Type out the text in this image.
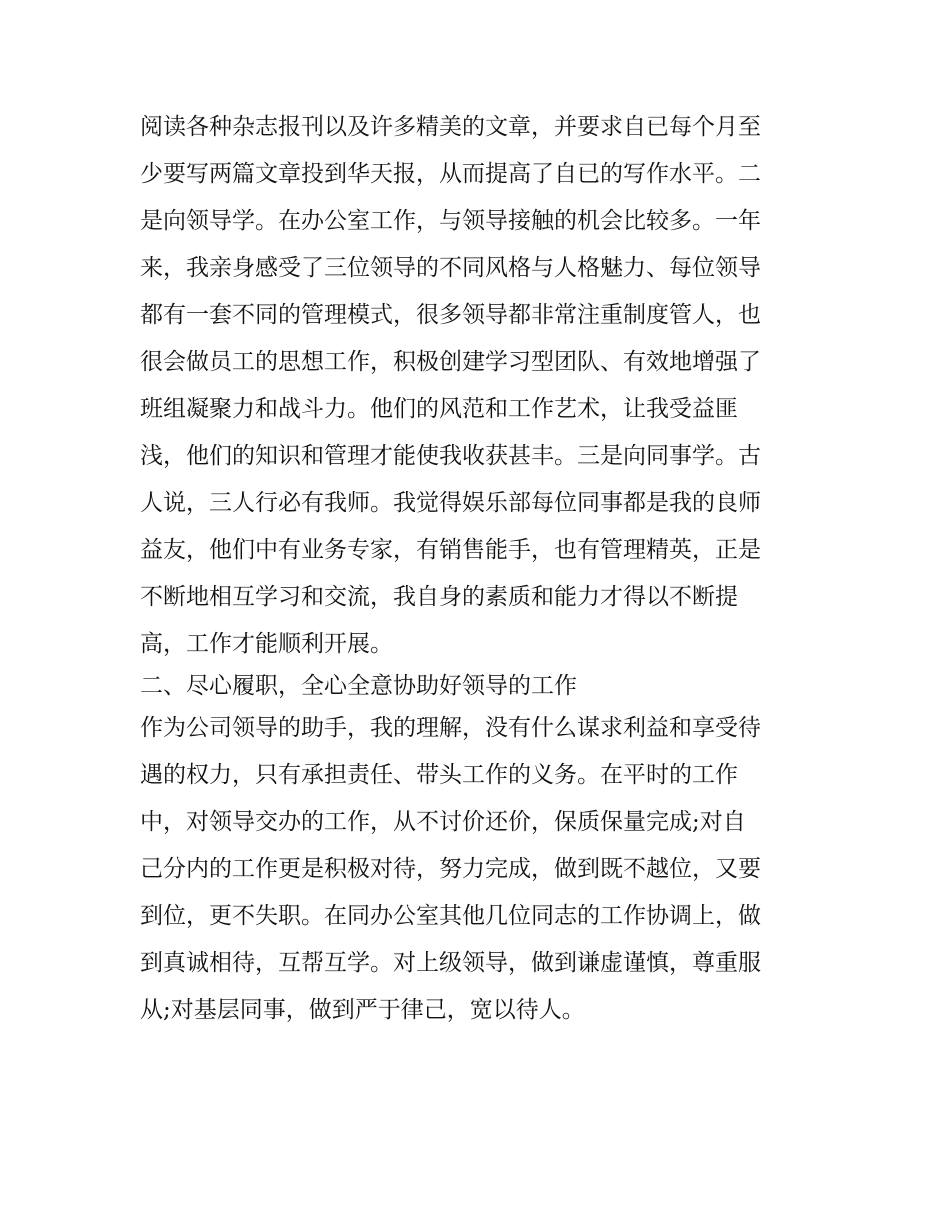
阅读各种杂志报刊以及许多精美的文章，并要求自已每个月至
少要写两篇文章投到华天报，从而提高了自已的写作水平。二
是向领导学。在办公室工作，与领导接触的机会比较多。一年
来，我亲身感受了三位领导的不同风格与人格魅力、每位领导
都有一套不同的管理模式，很多领导都非常注重制度管人，也
很会做员工的思想工作，积极创建学习型团队、有效地增强了
班组凝聚力和战斗力。他们的风范和工作艺术，让我受益匪
浅，他们的知识和管理才能使我收获甚丰。三是向同事学。古
人说，三人行必有我师。我觉得娱乐部每位同事都是我的良师
益友，他们中有业务专家，有销售能手，也有管理精英，正是
不断地相互学习和交流，我自身的素质和能力才得以不断提
高，工作才能顺利开展。
二、尽心履职，全心全意协助好领导的工作
作为公司领导的助手，我的理解，没有什么谋求利益和享受待
遇的权力，只有承担责任、带头工作的义务。在平时的工作
中，对领导交办的工作，从不讨价还价，保质保量完成;对自
己分内的工作更是积极对待，努力完成，做到既不越位，又要
到位，更不失职。在同办公室其他几位同志的工作协调上，做
到真诚相待，互帮互学。对上级领导，做到谦虚谨慎，尊重服
从;对基层同事，做到严于律己，宽以待人。
